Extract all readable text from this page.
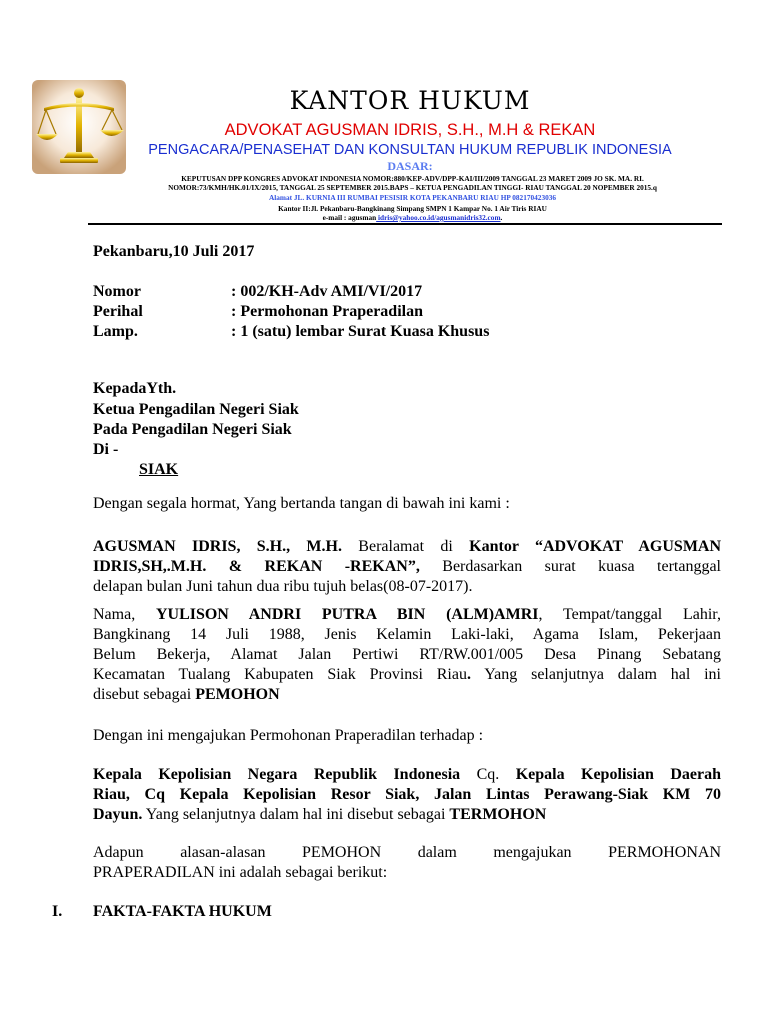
KANTOR HUKUM
ADVOKAT AGUSMAN IDRIS, S.H., M.H & REKAN
PENGACARA/PENASEHAT DAN KONSULTAN HUKUM REPUBLIK INDONESIA
DASAR:
KEPUTUSAN DPP KONGRES ADVOKAT INDONESIA NOMOR:880/KEP-ADV/DPP-KAI/III/2009 TANGGAL 23 MARET 2009 JO SK. MA. RI.
NOMOR:73/KMH/HK.01/IX/2015, TANGGAL 25 SEPTEMBER 2015.BAPS – KETUA PENGADILAN TINGGI- RIAU TANGGAL 20 NOPEMBER 2015.q
Alamat JL. KURNIA III RUMBAI PESISIR KOTA PEKANBARU RIAU HP 082170423036
Kantor II:Jl. Pekanbaru-Bangkinang Simpang SMPN 1 Kampar No. 1 Air Tiris RIAU
e-mail : agusman idris@yahoo.co.id/agusmanidris32.com.
Pekanbaru,10 Juli 2017
Nomor	: 002/KH-Adv AMI/VI/2017
Perihal	: Permohonan Praperadilan
Lamp.	: 1 (satu) lembar Surat Kuasa Khusus
KepadaYth.
Ketua Pengadilan Negeri Siak
Pada Pengadilan Negeri Siak
Di -
SIAK
Dengan segala hormat, Yang bertanda tangan di bawah ini kami :
AGUSMAN IDRIS, S.H., M.H. Beralamat di Kantor “ADVOKAT AGUSMAN
IDRIS,SH,.M.H. & REKAN -REKAN”, Berdasarkan surat kuasa tertanggal
delapan bulan Juni tahun dua ribu tujuh belas(08-07-2017).
Nama, YULISON ANDRI PUTRA BIN (ALM)AMRI, Tempat/tanggal Lahir,
Bangkinang 14 Juli 1988, Jenis Kelamin Laki-laki, Agama Islam, Pekerjaan
Belum Bekerja, Alamat Jalan Pertiwi RT/RW.001/005 Desa Pinang Sebatang
Kecamatan Tualang Kabupaten Siak Provinsi Riau. Yang selanjutnya dalam hal ini
disebut sebagai PEMOHON
Dengan ini mengajukan Permohonan Praperadilan terhadap :
Kepala Kepolisian Negara Republik Indonesia Cq. Kepala Kepolisian Daerah
Riau, Cq Kepala Kepolisian Resor Siak, Jalan Lintas Perawang-Siak KM 70
Dayun. Yang selanjutnya dalam hal ini disebut sebagai TERMOHON
Adapun alasan-alasan PEMOHON dalam mengajukan PERMOHONAN
PRAPERADILAN ini adalah sebagai berikut:
I. FAKTA-FAKTA HUKUM
